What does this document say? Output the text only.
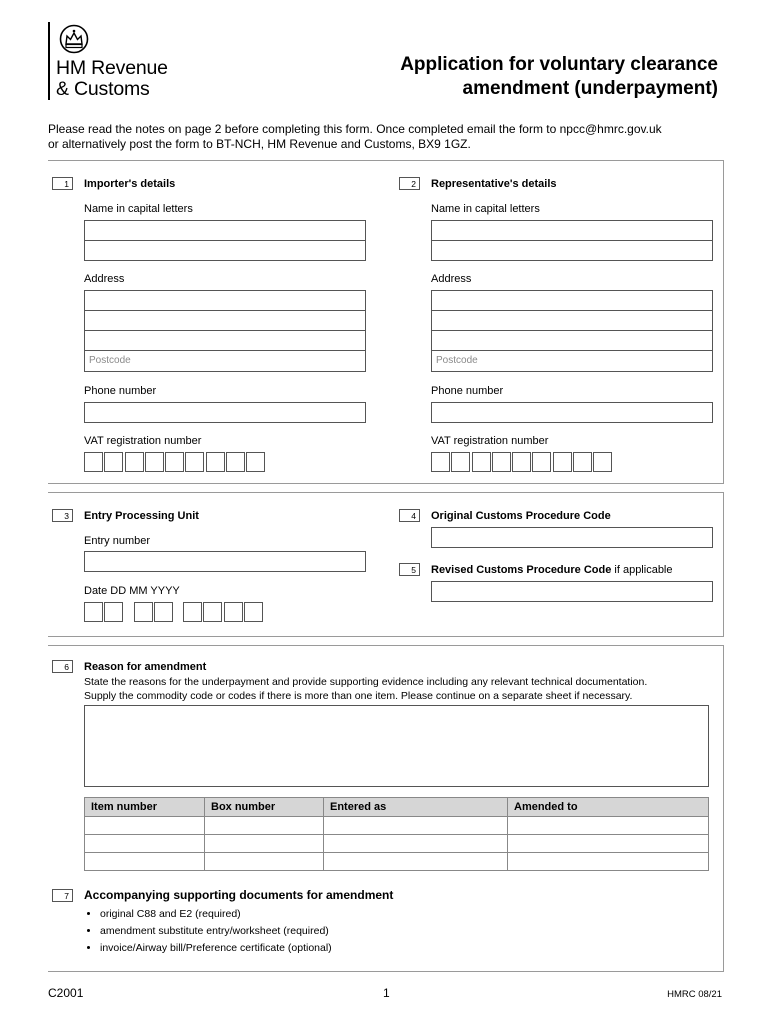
HM Revenue
& Customs
Application for voluntary clearance
amendment (underpayment)
Please read the notes on page 2 before completing this form. Once completed email the form to npcc@hmrc.gov.uk
or alternatively post the form to BT-NCH, HM Revenue and Customs, BX9 1GZ.
1	Importer's details
Name in capital letters
Address
Postcode
Phone number
VAT registration number
2	Representative's details
Name in capital letters
Address
Postcode
Phone number
VAT registration number
3	Entry Processing Unit
Entry number
Date DD MM YYYY
4	Original Customs Procedure Code
5	Revised Customs Procedure Code if applicable
6	Reason for amendment
State the reasons for the underpayment and provide supporting evidence including any relevant technical documentation.
Supply the commodity code or codes if there is more than one item. Please continue on a separate sheet if necessary.
Item number	Box number	Entered as	Amended to

7	Accompanying supporting documents for amendment
• original C88 and E2 (required)
• amendment substitute entry/worksheet (required)
• invoice/Airway bill/Preference certificate (optional)
C2001	1	HMRC 08/21
